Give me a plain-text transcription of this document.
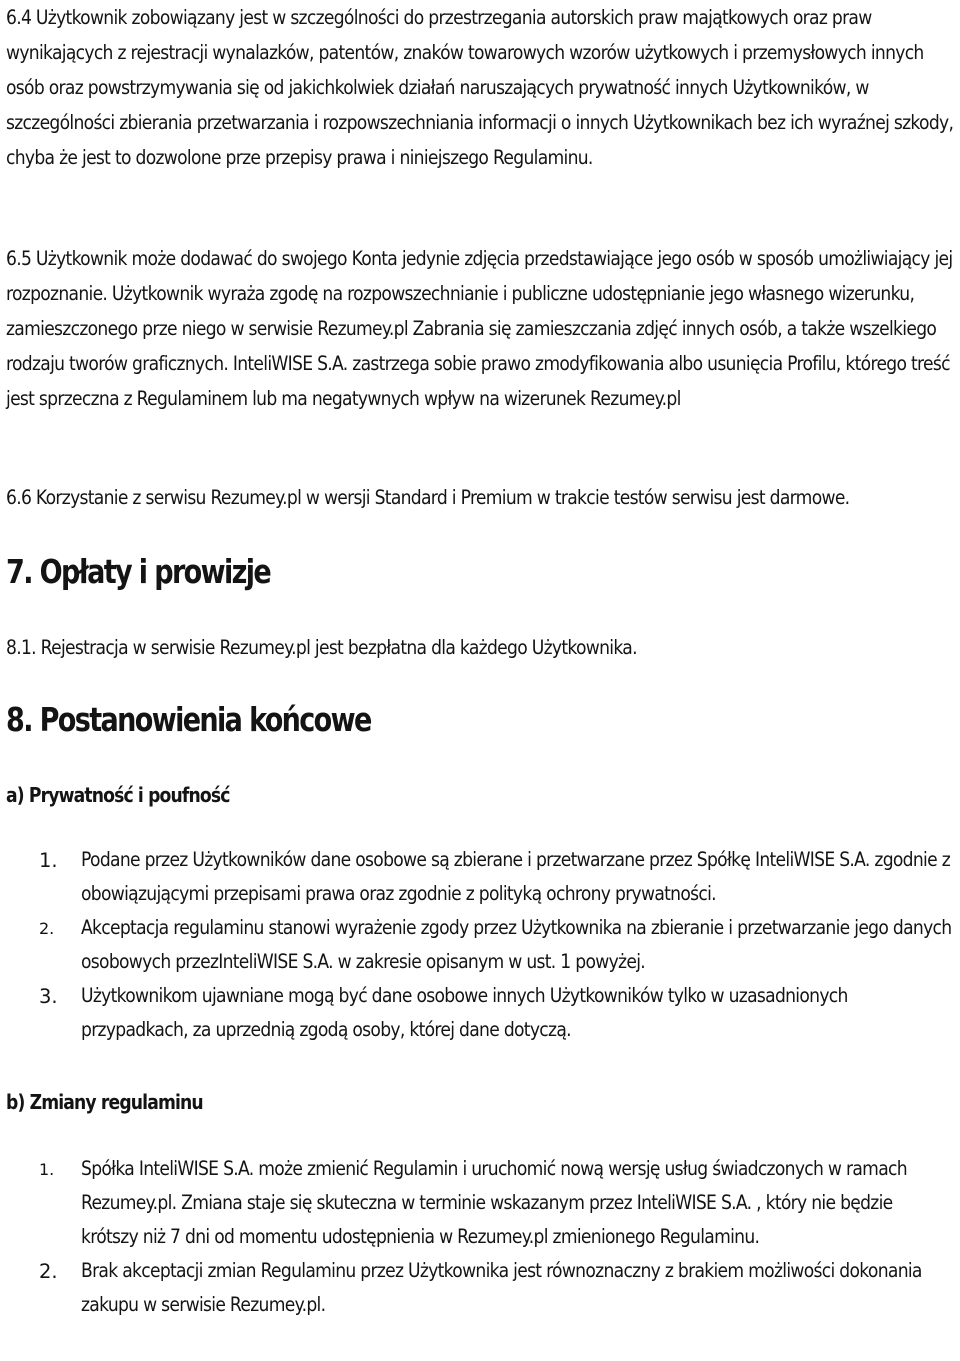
6.4 Użytkownik zobowiązany jest w szczególności do przestrzegania autorskich praw majątkowych oraz praw wynikających z rejestracji wynalazków, patentów, znaków towarowych wzorów użytkowych i przemysłowych innych osób oraz powstrzymywania się od jakichkolwiek działań naruszających prywatność innych Użytkowników, w szczególności zbierania przetwarzania i rozpowszechniania informacji o innych Użytkownikach bez ich wyraźnej szkody, chyba że jest to dozwolone prze przepisy prawa i niniejszego Regulaminu.

6.5 Użytkownik może dodawać do swojego Konta jedynie zdjęcia przedstawiające jego osób w sposób umożliwiający jej rozpoznanie. Użytkownik wyraża zgodę na rozpowszechnianie i publiczne udostępnianie jego własnego wizerunku, zamieszczonego prze niego w serwisie Rezumey.pl Zabrania się zamieszczania zdjęć innych osób, a także wszelkiego rodzaju tworów graficznych. InteliWISE S.A. zastrzega sobie prawo zmodyfikowania albo usunięcia Profilu, którego treść jest sprzeczna z Regulaminem lub ma negatywnych wpływ na wizerunek Rezumey.pl

6.6 Korzystanie z serwisu Rezumey.pl w wersji Standard i Premium w trakcie testów serwisu jest darmowe.

7. Opłaty i prowizje

8.1. Rejestracja w serwisie Rezumey.pl jest bezpłatna dla każdego Użytkownika.

8. Postanowienia końcowe
a) Prywatność i poufność
1. Podane przez Użytkowników dane osobowe są zbierane i przetwarzane przez Spółkę InteliWISE S.A. zgodnie z obowiązującymi przepisami prawa oraz zgodnie z polityką ochrony prywatności.
2. Akceptacja regulaminu stanowi wyrażenie zgody przez Użytkownika na zbieranie i przetwarzanie jego danych osobowych przezInteliWISE S.A. w zakresie opisanym w ust. 1 powyżej.
3. Użytkownikom ujawniane mogą być dane osobowe innych Użytkowników tylko w uzasadnionych przypadkach, za uprzednią zgodą osoby, której dane dotyczą.
b) Zmiany regulaminu
1. Spółka InteliWISE S.A. może zmienić Regulamin i uruchomić nową wersję usług świadczonych w ramach Rezumey.pl. Zmiana staje się skuteczna w terminie wskazanym przez InteliWISE S.A. , który nie będzie krótszy niż 7 dni od momentu udostępnienia w Rezumey.pl zmienionego Regulaminu.
2. Brak akceptacji zmian Regulaminu przez Użytkownika jest równoznaczny z brakiem możliwości dokonania zakupu w serwisie Rezumey.pl.
